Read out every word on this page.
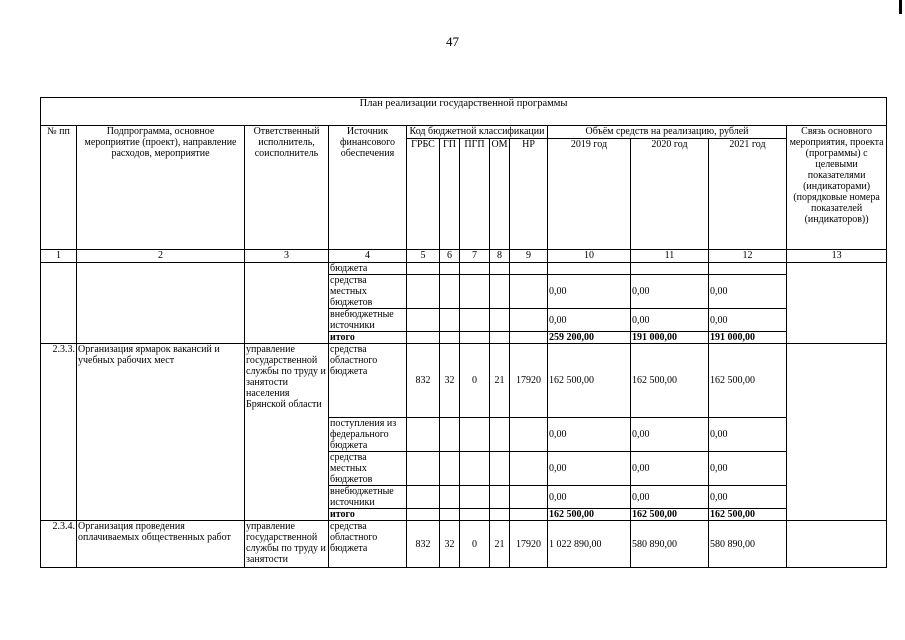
47
План реализации государственной программы												
№ пп	Подпрограмма, основное мероприятие (проект), направление расходов, мероприятие	Ответственный исполнитель, соисполнитель	Источник финансового обеспечения	Код бюджетной классификации					Объём средств на реализацию, рублей			Связь основного мероприятия, проекта (программы) с целевыми показателями (индикаторами) (порядковые номера показателей (индикаторов))
				ГРБС	ГП	ПГП	ОМ	НР	2019 год	2020 год	2021 год	
1	2	3	4	5	6	7	8	9	10	11	12	13
			бюджета									
			средства местных бюджетов						0,00	0,00	0,00	
			внебюджетные источники						0,00	0,00	0,00	
			итого						259 200,00	191 000,00	191 000,00	
2.3.3.	Организация ярмарок вакансий и учебных рабочих мест	управление государственной службы по труду и занятости населения Брянской области	средства областного бюджета	832	32	0	21	17920	162 500,00	162 500,00	162 500,00	
			поступления из федерального бюджета						0,00	0,00	0,00	
			средства местных бюджетов						0,00	0,00	0,00	
			внебюджетные источники						0,00	0,00	0,00	
			итого						162 500,00	162 500,00	162 500,00	
2.3.4.	Организация проведения оплачиваемых общественных работ	управление государственной службы по труду и занятости	средства областного бюджета	832	32	0	21	17920	1 022 890,00	580 890,00	580 890,00	
